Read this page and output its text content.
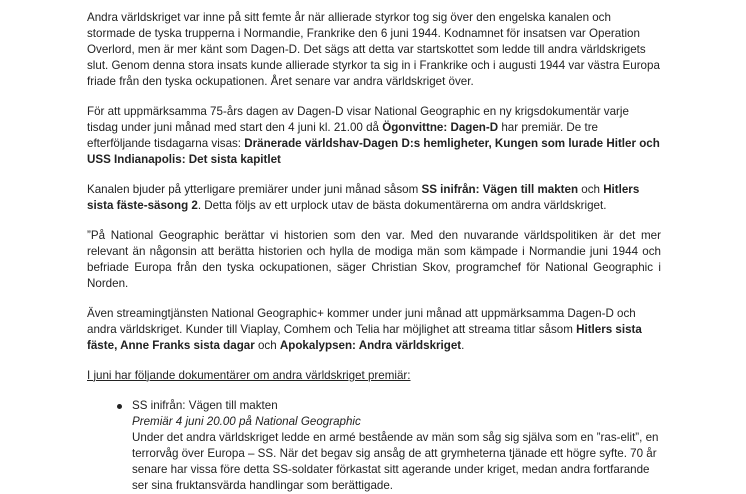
Andra världskriget var inne på sitt femte år när allierade styrkor tog sig över den engelska kanalen och stormade de tyska trupperna i Normandie, Frankrike den 6 juni 1944. Kodnamnet för insatsen var Operation Overlord, men är mer känt som Dagen-D. Det sägs att detta var startskottet som ledde till andra världskrigets slut. Genom denna stora insats kunde allierade styrkor ta sig in i Frankrike och i augusti 1944 var västra Europa friade från den tyska ockupationen. Året senare var andra världskriget över.

För att uppmärksamma 75-års dagen av Dagen-D visar National Geographic en ny krigsdokumentär varje tisdag under juni månad med start den 4 juni kl. 21.00 då Ögonvittne: Dagen-D har premiär. De tre efterföljande tisdagarna visas: Dränerade världshav-Dagen D:s hemligheter, Kungen som lurade Hitler och USS Indianapolis: Det sista kapitlet

Kanalen bjuder på ytterligare premiärer under juni månad såsom SS inifrån: Vägen till makten och Hitlers sista fäste-säsong 2. Detta följs av ett urplock utav de bästa dokumentärerna om andra världskriget.

”På National Geographic berättar vi historien som den var. Med den nuvarande världspolitiken är det mer relevant än någonsin att berätta historien och hylla de modiga män som kämpade i Normandie juni 1944 och befriade Europa från den tyska ockupationen, säger Christian Skov, programchef för National Geographic i Norden.

Även streamingtjänsten National Geographic+ kommer under juni månad att uppmärksamma Dagen-D och andra världskriget. Kunder till Viaplay, Comhem och Telia har möjlighet att streama titlar såsom Hitlers sista fäste, Anne Franks sista dagar och Apokalypsen: Andra världskriget.

I juni har följande dokumentärer om andra världskriget premiär:

SS inifrån: Vägen till makten
Premiär 4 juni 20.00 på National Geographic
Under det andra världskriget ledde en armé bestående av män som såg sig själva som en ”ras-elit”, en terrorvåg över Europa – SS. När det begav sig ansåg de att grymheterna tjänade ett högre syfte. 70 år senare har vissa före detta SS-soldater förkastat sitt agerande under kriget, medan andra fortfarande ser sina fruktansvärda handlingar som berättigade.
